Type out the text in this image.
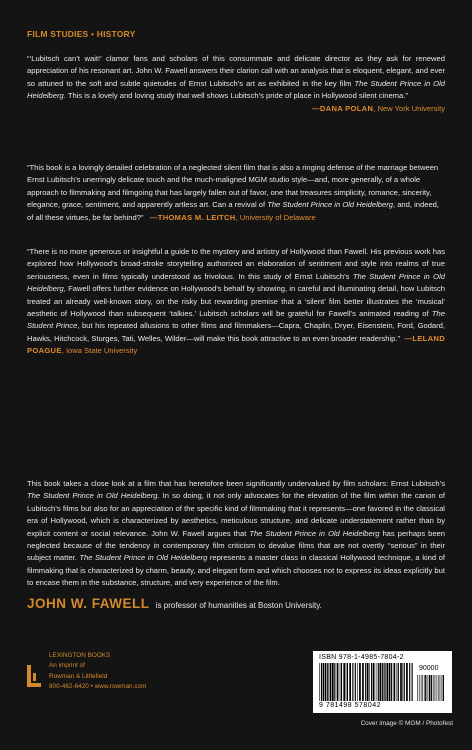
FILM STUDIES • HISTORY

“‘Lubitsch can’t wait!’ clamor fans and scholars of this consummate and delicate director as they ask for renewed appreciation of his resonant art. John W. Fawell answers their clarion call with an analysis that is eloquent, elegant, and ever so attuned to the soft and subtle quietudes of Ernst Lubitsch’s art as exhibited in the key film The Student Prince in Old Heidelberg. This is a lovely and loving study that well shows Lubitsch’s pride of place in Hollywood silent cinema.”

—DANA POLAN, New York University

“This book is a lovingly detailed celebration of a neglected silent film that is also a ringing defense of the marriage between Ernst Lubitsch’s unerringly delicate touch and the much-maligned MGM studio style—and, more generally, of a whole approach to filmmaking and filmgoing that has largely fallen out of favor, one that treasures simplicity, romance, sincerity, elegance, grace, sentiment, and apparently artless art. Can a revival of The Student Prince in Old Heidelberg, and, indeed, of all these virtues, be far behind?” —THOMAS M. LEITCH, University of Delaware

“There is no more generous or insightful a guide to the mystery and artistry of Hollywood than Fawell. His previous work has explored how Hollywood’s broad-stroke storytelling authorized an elaboration of sentiment and style into realms of true seriousness, even in films typically understood as frivolous. In this study of Ernst Lubitsch’s The Student Prince in Old Heidelberg, Fawell offers further evidence on Hollywood’s behalf by showing, in careful and illuminating detail, how Lubitsch treated an already well-known story, on the risky but rewarding premise that a ‘silent’ film better illustrates the ‘musical’ aesthetic of Hollywood than subsequent ‘talkies.’ Lubitsch scholars will be grateful for Fawell’s animated reading of The Student Prince, but his repeated allusions to other films and filmmakers—Capra, Chaplin, Dryer, Eisenstein, Ford, Godard, Hawks, Hitchcock, Sturges, Tati, Welles, Wilder—will make this book attractive to an even broader readership.” —LELAND POAGUE, Iowa State University

This book takes a close look at a film that has heretofore been significantly undervalued by film scholars: Ernst Lubitsch’s The Student Prince in Old Heidelberg. In so doing, it not only advocates for the elevation of the film within the canon of Lubitsch’s films but also for an appreciation of the specific kind of filmmaking that it represents—one favored in the classical era of Hollywood, which is characterized by aesthetics, meticulous structure, and delicate understatement rather than by explicit content or social relevance. John W. Fawell argues that The Student Prince in Old Heidelberg has perhaps been neglected because of the tendency in contemporary film criticism to devalue films that are not overtly “serious” in their subject matter. The Student Prince in Old Heidelberg represents a master class in classical Hollywood technique, a kind of filmmaking that is characterized by charm, beauty, and elegant form and which chooses not to express its ideas explicitly but to encase them in the substance, structure, and very experience of the film.

JOHN W. FAWELL is professor of humanities at Boston University.
LEXINGTON BOOKS
An imprint of
Rowman & Littlefield
800-462-6420 • www.rowman.com
ISBN 978-1-4985-7804-2
90000
9 781498 578042
Cover image © MGM / Photofest
